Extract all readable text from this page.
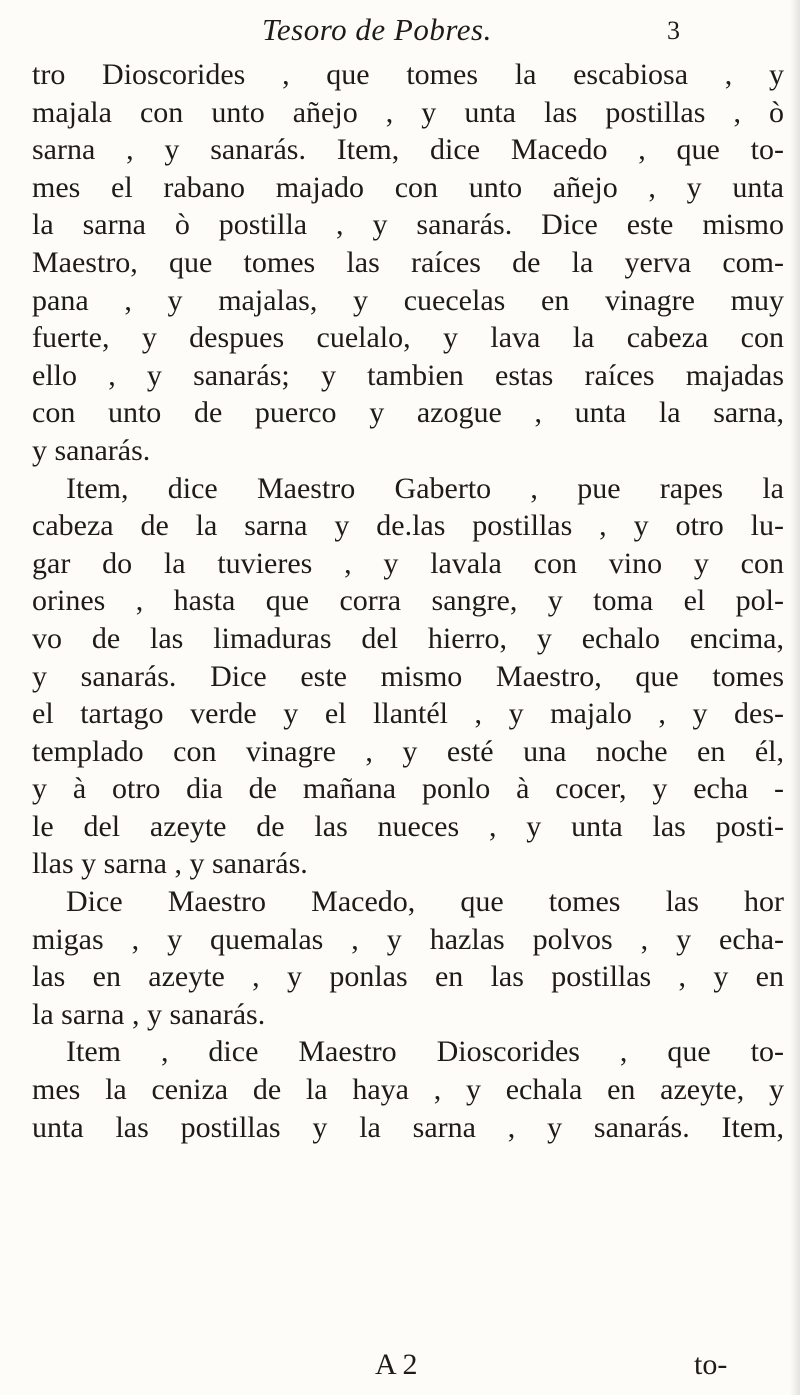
Tesoro de Pobres.	3
tro Dioscorides , que tomes la escabiosa , y
majala con unto añejo , y unta las postillas , ò
sarna , y sanarás. Item, dice Macedo , que to-
mes el rabano majado con unto añejo , y unta
la sarna ò postilla , y sanarás. Dice este mismo
Maestro, que tomes las raíces de la yerva com-
pana , y majalas, y cuecelas en vinagre muy
fuerte, y despues cuelalo, y lava la cabeza con
ello , y sanarás; y tambien estas raíces majadas
con unto de puerco y azogue , unta la sarna,
y sanarás.
Item, dice Maestro Gaberto , pue rapes la
cabeza de la sarna y de.las postillas , y otro lu-
gar do la tuvieres , y lavala con vino y con
orines , hasta que corra sangre, y toma el pol-
vo de las limaduras del hierro, y echalo encima,
y sanarás. Dice este mismo Maestro, que tomes
el tartago verde y el llantél , y majalo , y des-
templado con vinagre , y esté una noche en él,
y à otro dia de mañana ponlo à cocer, y echa -
le del azeyte de las nueces , y unta las posti-
llas y sarna , y sanarás.
Dice Maestro Macedo, que tomes las hor
migas , y quemalas , y hazlas polvos , y echa-
las en azeyte , y ponlas en las postillas , y en
la sarna , y sanarás.
Item , dice Maestro Dioscorides , que to-
mes la ceniza de la haya , y echala en azeyte, y
unta las postillas y la sarna , y sanarás. Item,
A 2	to-
